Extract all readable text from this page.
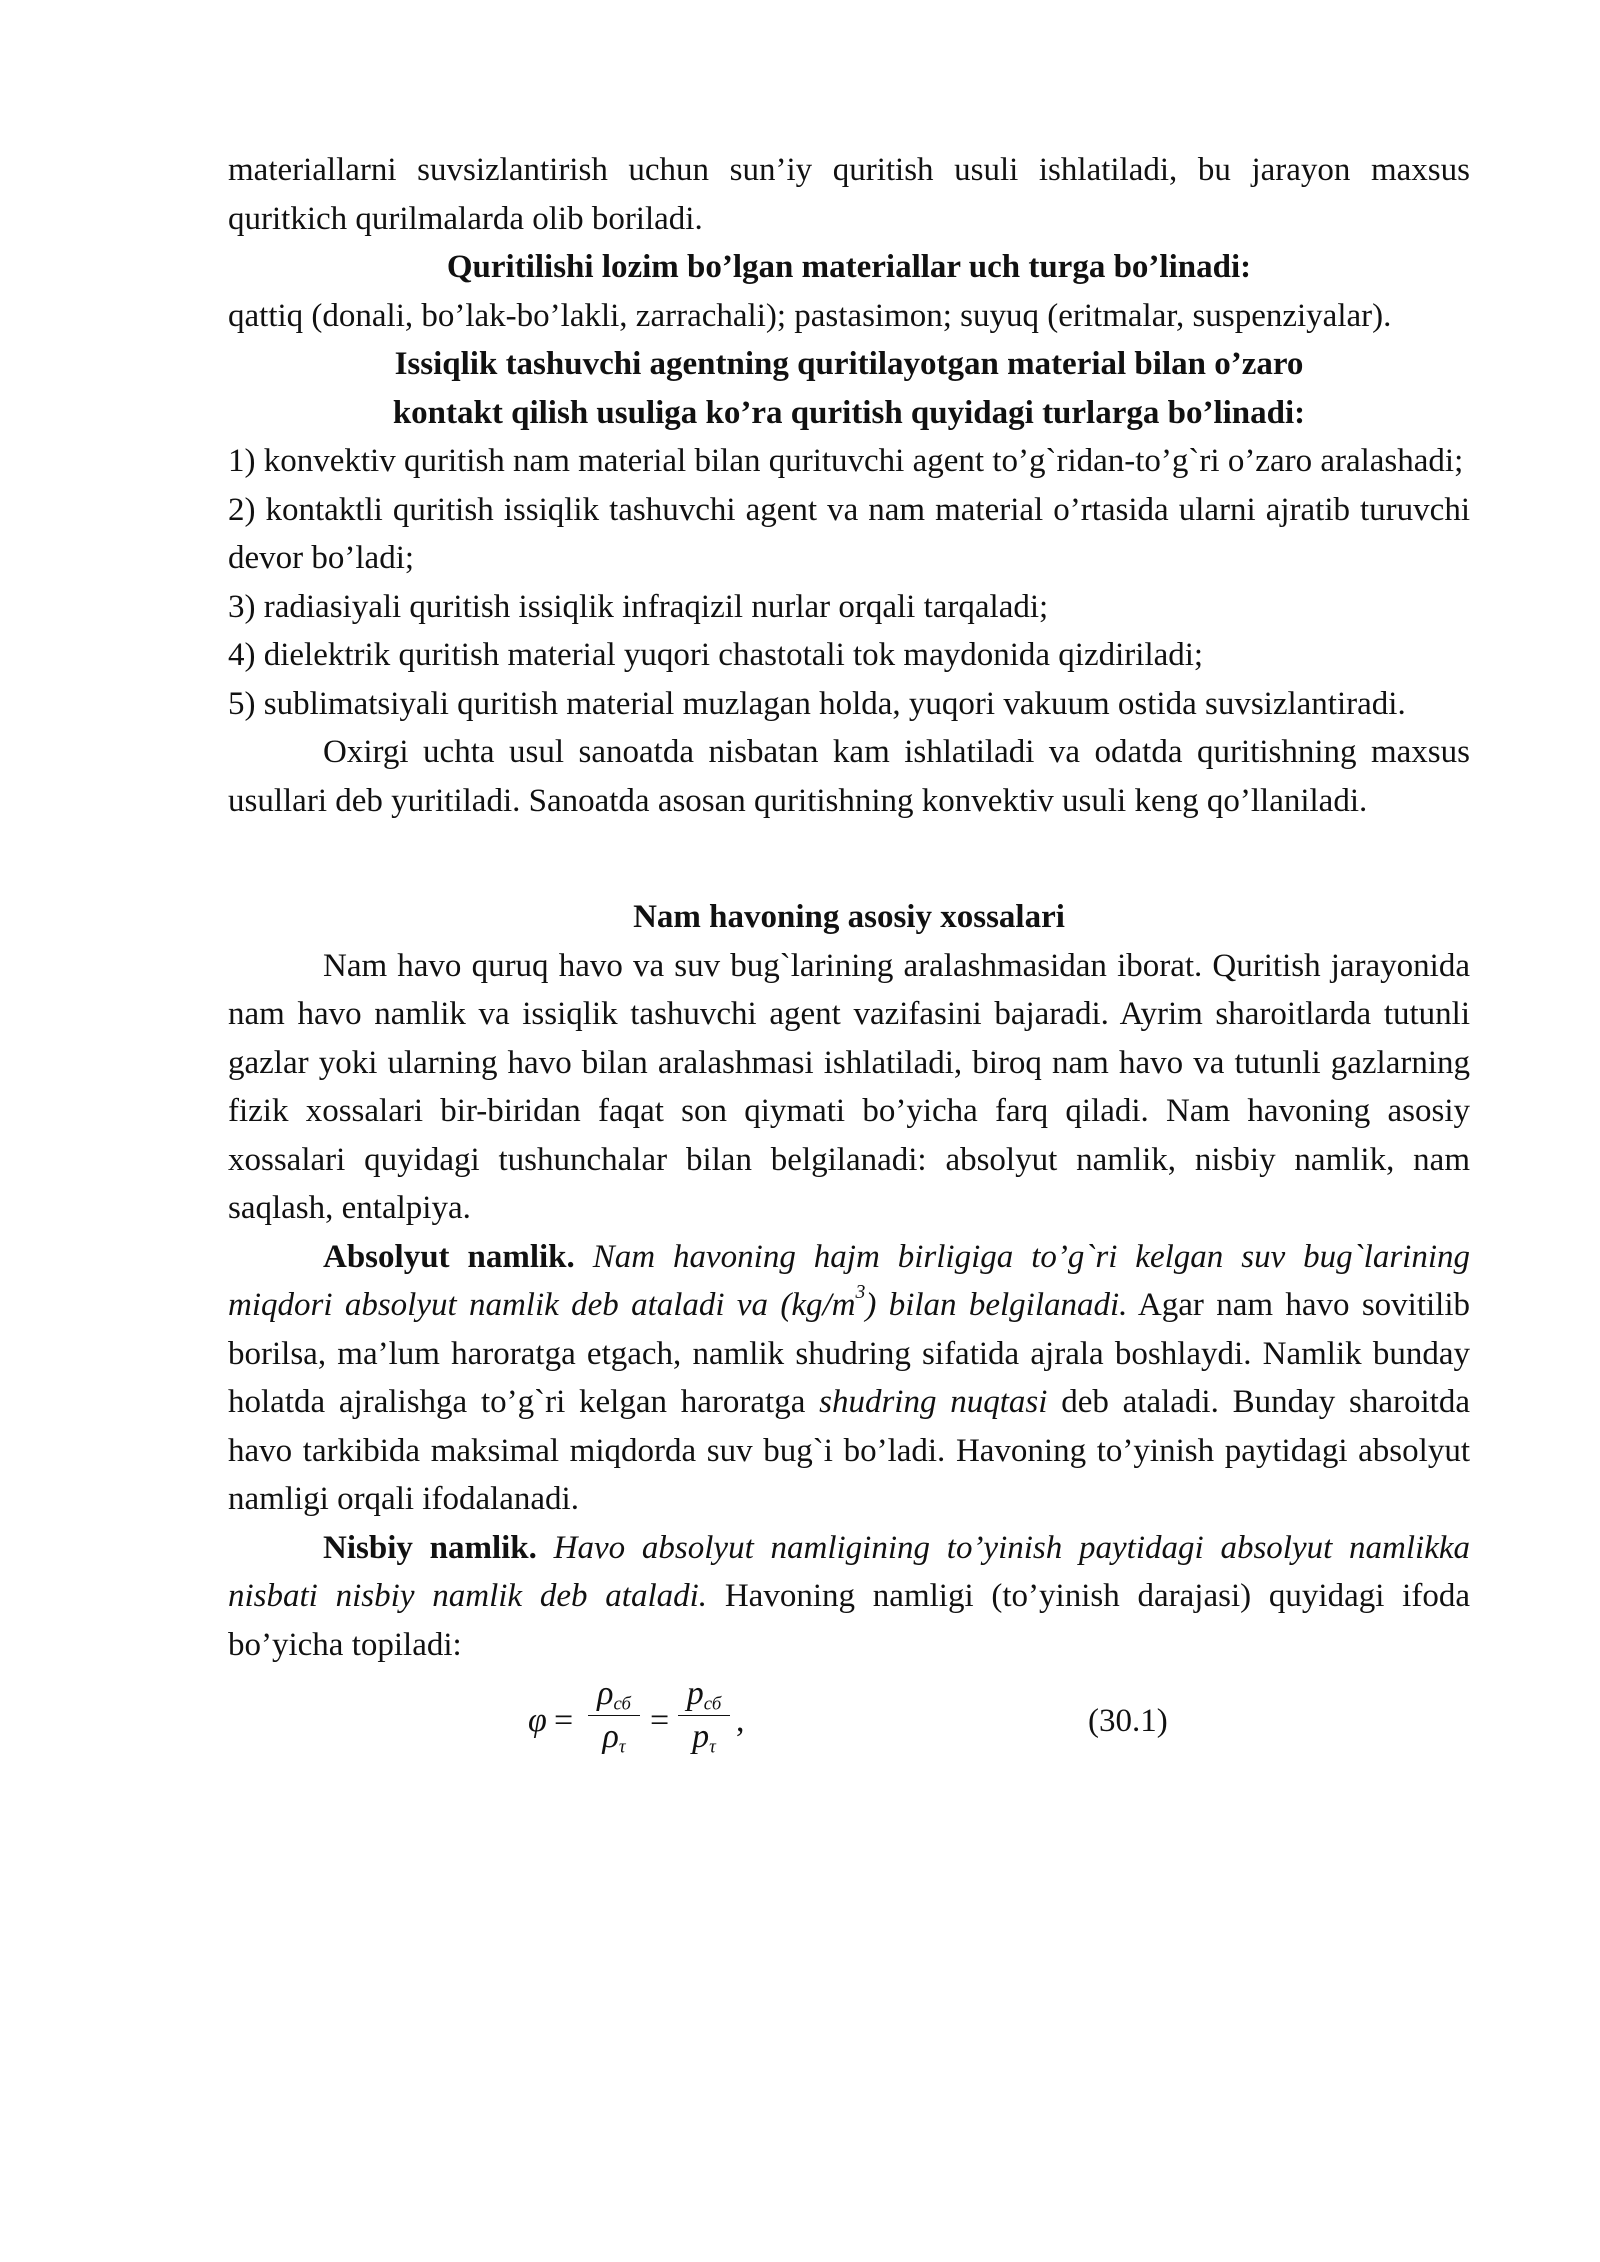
materiallarni suvsizlantirish uchun sun’iy quritish usuli ishlatiladi, bu jarayon maxsus quritkich qurilmalarda olib boriladi.

Quritilishi lozim bo’lgan materiallar uch turga bo’linadi:

qattiq (donali, bo’lak-bo’lakli, zarrachali); pastasimon; suyuq (eritmalar, suspenziyalar).

Issiqlik tashuvchi agentning quritilayotgan material bilan o’zaro

kontakt qilish usuliga ko’ra quritish quyidagi turlarga bo’linadi:

1) konvektiv quritish nam material bilan qurituvchi agent to’g`ridan-to’g`ri o’zaro aralashadi;

2) kontaktli quritish issiqlik tashuvchi agent va nam material o’rtasida ularni ajratib turuvchi devor bo’ladi;

3) radiasiyali quritish issiqlik infraqizil nurlar orqali tarqaladi;

4) dielektrik quritish material yuqori chastotali tok maydonida qizdiriladi;

5) sublimatsiyali quritish material muzlagan holda, yuqori vakuum ostida suvsizlantiradi.

Oxirgi uchta usul sanoatda nisbatan kam ishlatiladi va odatda quritishning maxsus usullari deb yuritiladi. Sanoatda asosan quritishning konvektiv usuli keng qo’llaniladi.

Nam havoning asosiy xossalari

Nam havo quruq havo va suv bug`larining aralashmasidan iborat. Quritish jarayonida nam havo namlik va issiqlik tashuvchi agent vazifasini bajaradi. Ayrim sharoitlarda tutunli gazlar yoki ularning havo bilan aralashmasi ishlatiladi, biroq nam havo va tutunli gazlarning fizik xossalari bir-biridan faqat son qiymati bo’yicha farq qiladi. Nam havoning asosiy xossalari quyidagi tushunchalar bilan belgilanadi: absolyut namlik, nisbiy namlik, nam saqlash, entalpiya.

Absolyut namlik. Nam havoning hajm birligiga to’g`ri kelgan suv bug`larining miqdori absolyut namlik deb ataladi va $(kg/m^3)$ bilan belgilanadi. Agar nam havo sovitilib borilsa, ma’lum haroratga etgach, namlik shudring sifatida ajrala boshlaydi. Namlik bunday holatda ajralishga to’g`ri kelgan haroratga shudring nuqtasi deb ataladi. Bunday sharoitda havo tarkibida maksimal miqdorda suv bug`i bo’ladi. Havoning to’yinish paytidagi absolyut namligi orqali ifodalanadi.

Nisbiy namlik. Havo absolyut namligining to’yinish paytidagi absolyut namlikka nisbati nisbiy namlik deb ataladi. Havoning namligi (to’yinish darajasi) quyidagi ifoda bo’yicha topiladi:

φ =
$\rho_{сб}$
$\rho_\tau$
=
$p_{сб}$
$p_\tau$
,	(30.1)
